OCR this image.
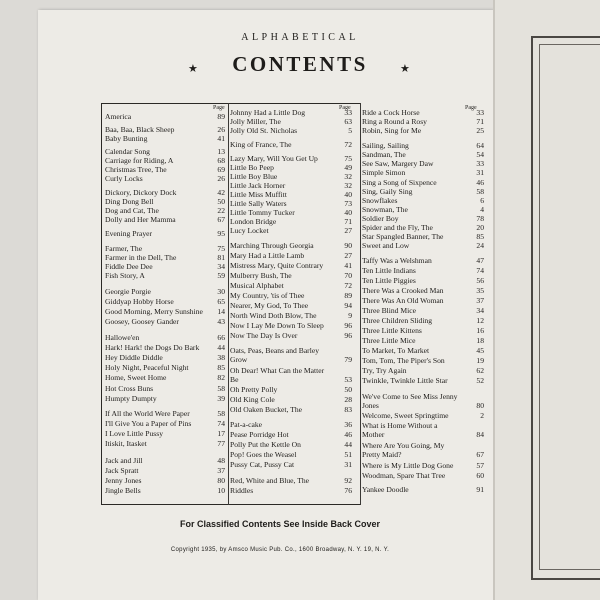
ALPHABETICAL
★	CONTENTS	★
Page	Page	Page
America	89
Baa, Baa, Black Sheep	26
Baby Bunting	41
Calendar Song	13
Carriage for Riding, A	68
Christmas Tree, The	69
Curly Locks	26
Dickory, Dickory Dock	42
Ding Dong Bell	50
Dog and Cat, The	22
Dolly and Her Mamma	67
Evening Prayer	95
Farmer, The	75
Farmer in the Dell, The	81
Fiddle Dee Dee	34
Fish Story, A	59
Georgie Porgie	30
Giddyap Hobby Horse	65
Good Morning, Merry Sunshine	14
Goosey, Goosey Gander	43
Hallowe'en	66
Hark! Hark! the Dogs Do Bark	44
Hey Diddle Diddle	38
Holy Night, Peaceful Night	85
Home, Sweet Home	82
Hot Cross Buns	58
Humpty Dumpty	39
If All the World Were Paper	58
I'll Give You a Paper of Pins	74
I Love Little Pussy	17
Itiskit, Itasket	77
Jack and Jill	48
Jack Spratt	37
Jenny Jones	80
Jingle Bells	10
Johnny Had a Little Dog	33
Jolly Miller, The	63
Jolly Old St. Nicholas	5
King of France, The	72
Lazy Mary, Will You Get Up	75
Little Bo Peep	49
Little Boy Blue	32
Little Jack Horner	32
Little Miss Muffitt	40
Little Sally Waters	73
Little Tommy Tucker	40
London Bridge	71
Lucy Locket	27
Marching Through Georgia	90
Mary Had a Little Lamb	27
Mistress Mary, Quite Contrary	41
Mulberry Bush, The	70
Musical Alphabet	72
My Country, 'tis of Thee	89
Nearer, My God, To Thee	94
North Wind Doth Blow, The	9
Now I Lay Me Down To Sleep	96
Now The Day Is Over	96
Oats, Peas, Beans and Barley
Grow	79
Oh Dear! What Can the Matter
Be	53
Oh Pretty Polly	50
Old King Cole	28
Old Oaken Bucket, The	83
Pat-a-cake	36
Pease Porridge Hot	46
Polly Put the Kettle On	44
Pop! Goes the Weasel	51
Pussy Cat, Pussy Cat	31
Red, White and Blue, The	92
Riddles	76
Ride a Cock Horse	33
Ring a Round a Rosy	71
Robin, Sing for Me	25
Sailing, Sailing	64
Sandman, The	54
See Saw, Margery Daw	33
Simple Simon	31
Sing a Song of Sixpence	46
Sing, Gaily Sing	58
Snowflakes	6
Snowman, The	4
Soldier Boy	78
Spider and the Fly, The	20
Star Spangled Banner, The	85
Sweet and Low	24
Taffy Was a Welshman	47
Ten Little Indians	74
Ten Little Piggies	56
There Was a Crooked Man	35
There Was An Old Woman	37
Three Blind Mice	34
Three Children Sliding	12
Three Little Kittens	16
Three Little Mice	18
To Market, To Market	45
Tom, Tom, The Piper's Son	19
Try, Try Again	62
Twinkle, Twinkle Little Star	52
We've Come to See Miss Jenny
Jones	80
Welcome, Sweet Springtime	2
What is Home Without a
Mother	84
Where Are You Going, My
Pretty Maid?	67
Where is My Little Dog Gone	57
Woodman, Spare That Tree	60
Yankee Doodle	91
For Classified Contents See Inside Back Cover
Copyright 1935, by Amsco Music Pub. Co., 1600 Broadway, N. Y. 19, N. Y.
